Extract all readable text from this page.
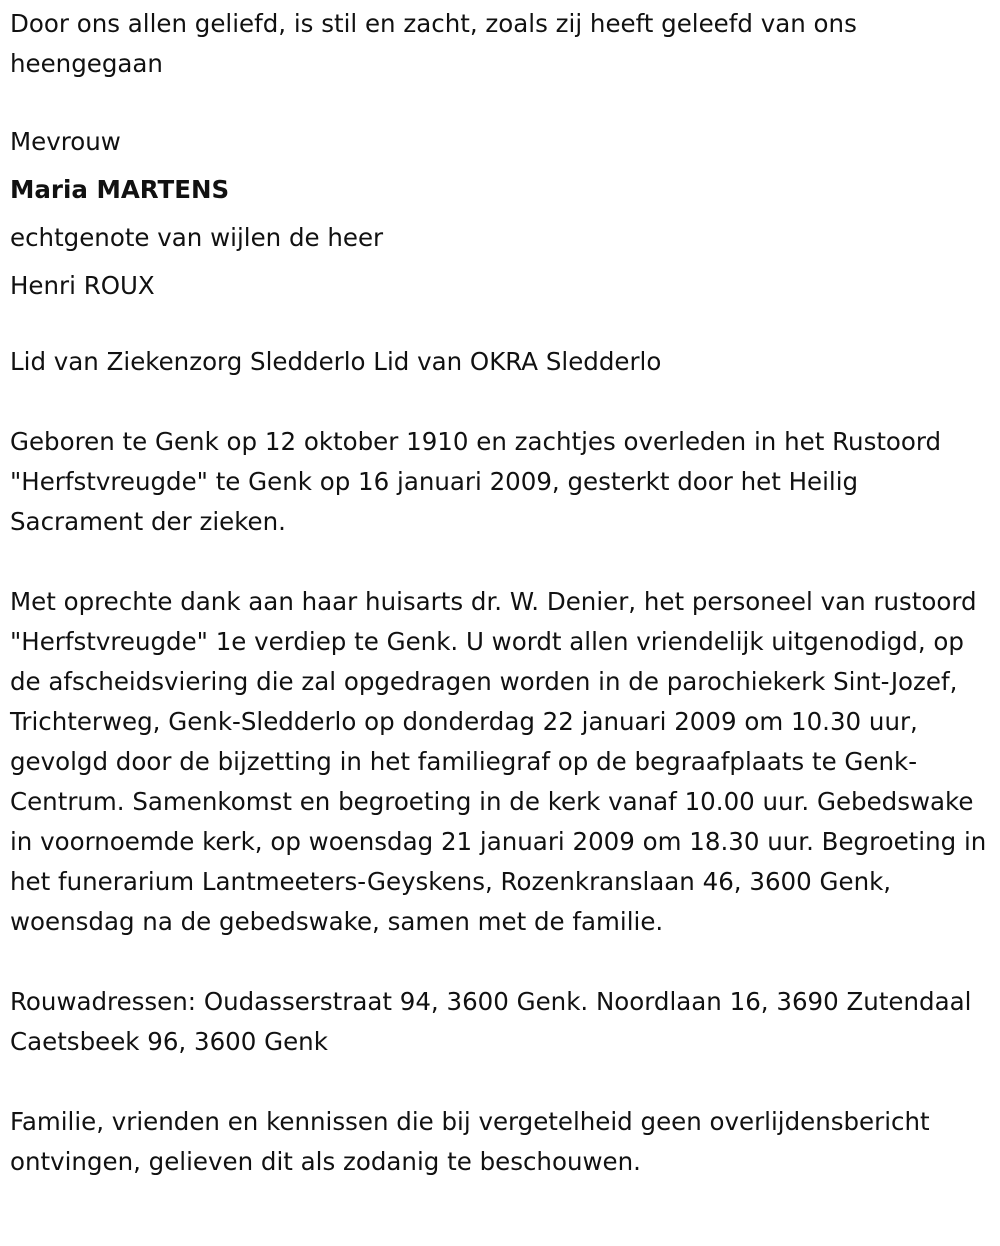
Door ons allen geliefd, is stil en zacht, zoals zij heeft geleefd van ons heengegaan

Mevrouw

Maria MARTENS

echtgenote van wijlen de heer

Henri ROUX

Lid van Ziekenzorg Sledderlo Lid van OKRA Sledderlo

Geboren te Genk op 12 oktober 1910 en zachtjes overleden in het Rustoord "Herfstvreugde" te Genk op 16 januari 2009, gesterkt door het Heilig Sacrament der zieken.

Met oprechte dank aan haar huisarts dr. W. Denier, het personeel van rustoord "Herfstvreugde" 1e verdiep te Genk. U wordt allen vriendelijk uitgenodigd, op de afscheidsviering die zal opgedragen worden in de parochiekerk Sint-Jozef, Trichterweg, Genk-Sledderlo op donderdag 22 januari 2009 om 10.30 uur, gevolgd door de bijzetting in het familiegraf op de begraafplaats te Genk-Centrum. Samenkomst en begroeting in de kerk vanaf 10.00 uur. Gebedswake in voornoemde kerk, op woensdag 21 januari 2009 om 18.30 uur. Begroeting in het funerarium Lantmeeters-Geyskens, Rozenkranslaan 46, 3600 Genk, woensdag na de gebedswake, samen met de familie.

Rouwadressen: Oudasserstraat 94, 3600 Genk. Noordlaan 16, 3690 Zutendaal Caetsbeek 96, 3600 Genk

Familie, vrienden en kennissen die bij vergetelheid geen overlijdensbericht ontvingen, gelieven dit als zodanig te beschouwen.
